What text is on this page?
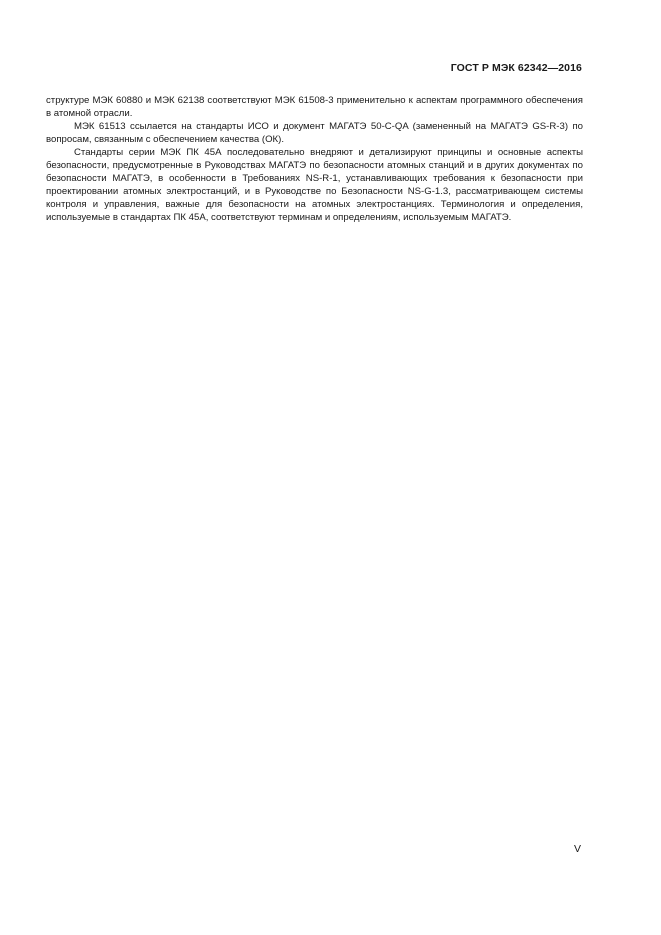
ГОСТ Р МЭК 62342—2016

структуре МЭК 60880 и МЭК 62138 соответствуют МЭК 61508-3 применительно к аспектам программного обеспечения в атомной отрасли.

МЭК 61513 ссылается на стандарты ИСО и документ МАГАТЭ 50-C-QA (замененный на МАГАТЭ GS-R-3) по вопросам, связанным с обеспечением качества (ОК).

Стандарты серии МЭК ПК 45А последовательно внедряют и детализируют принципы и основные аспекты безопасности, предусмотренные в Руководствах МАГАТЭ по безопасности атомных станций и в других документах по безопасности МАГАТЭ, в особенности в Требованиях NS-R-1, устанавливающих требования к безопасности при проектировании атомных электростанций, и в Руководстве по Безопасности NS-G-1.3, рассматривающем системы контроля и управления, важные для безопасности на атомных электростанциях. Терминология и определения, используемые в стандартах ПК 45А, соответствуют терминам и определениям, используемым МАГАТЭ.

V
